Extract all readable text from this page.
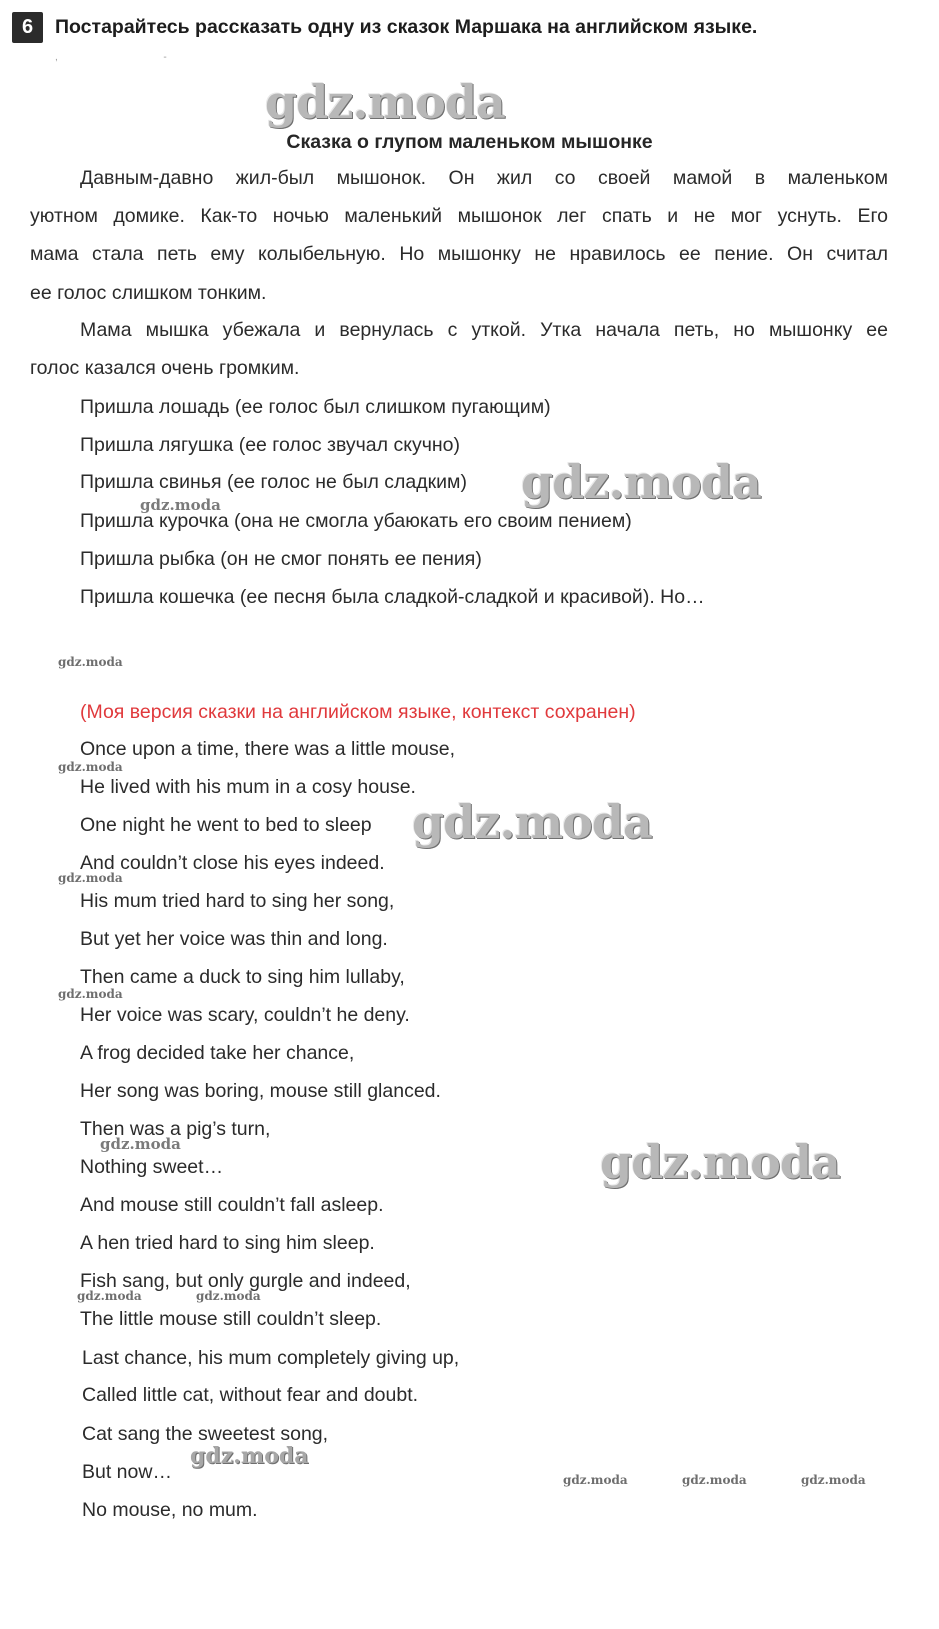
6	Постарайтесь рассказать одну из сказок Маршака на английском языке.
,                                      -
gdz.moda
Сказка о глупом маленьком мышонке
Давным-давно жил-был мышонок. Он жил со своей мамой в маленьком
уютном домике. Как-то ночью маленький мышонок лег спать и не мог уснуть. Его
мама стала петь ему колыбельную. Но мышонку не нравилось ее пение. Он считал
ее голос слишком тонким.
Мама мышка убежала и вернулась с уткой. Утка начала петь, но мышонку ее
голос казался очень громким.
Пришла лошадь (ее голос был слишком пугающим)
Пришла лягушка (ее голос звучал скучно)
Пришла свинья (ее голос не был сладким) gdz.moda
gdz.moda
Пришла курочка (она не смогла убаюкать его своим пением)
Пришла рыбка (он не смог понять ее пения)
Пришла кошечка (ее песня была сладкой-сладкой и красивой). Но…
gdz.moda
(Моя версия сказки на английском языке, контекст сохранен)
Once upon a time, there was a little mouse,
gdz.moda
He lived with his mum in a cosy house.
One night he went to bed to sleep gdz.moda
And couldn’t close his eyes indeed.
gdz.moda
His mum tried hard to sing her song,
But yet her voice was thin and long.
Then came a duck to sing him lullaby,
gdz.moda
Her voice was scary, couldn’t he deny.
A frog decided take her chance,
Her song was boring, mouse still glanced.
Then was a pig’s turn,
gdz.moda
Nothing sweet…	gdz.moda
And mouse still couldn’t fall asleep.
A hen tried hard to sing him sleep.
Fish sang, but only gurgle and indeed,
gdz.moda	gdz.moda
The little mouse still couldn’t sleep.
Last chance, his mum completely giving up,
Called little cat, without fear and doubt.
Cat sang the sweetest song,
But now…
gdz.moda
gdz.moda	gdz.moda	gdz.moda
No mouse, no mum.
